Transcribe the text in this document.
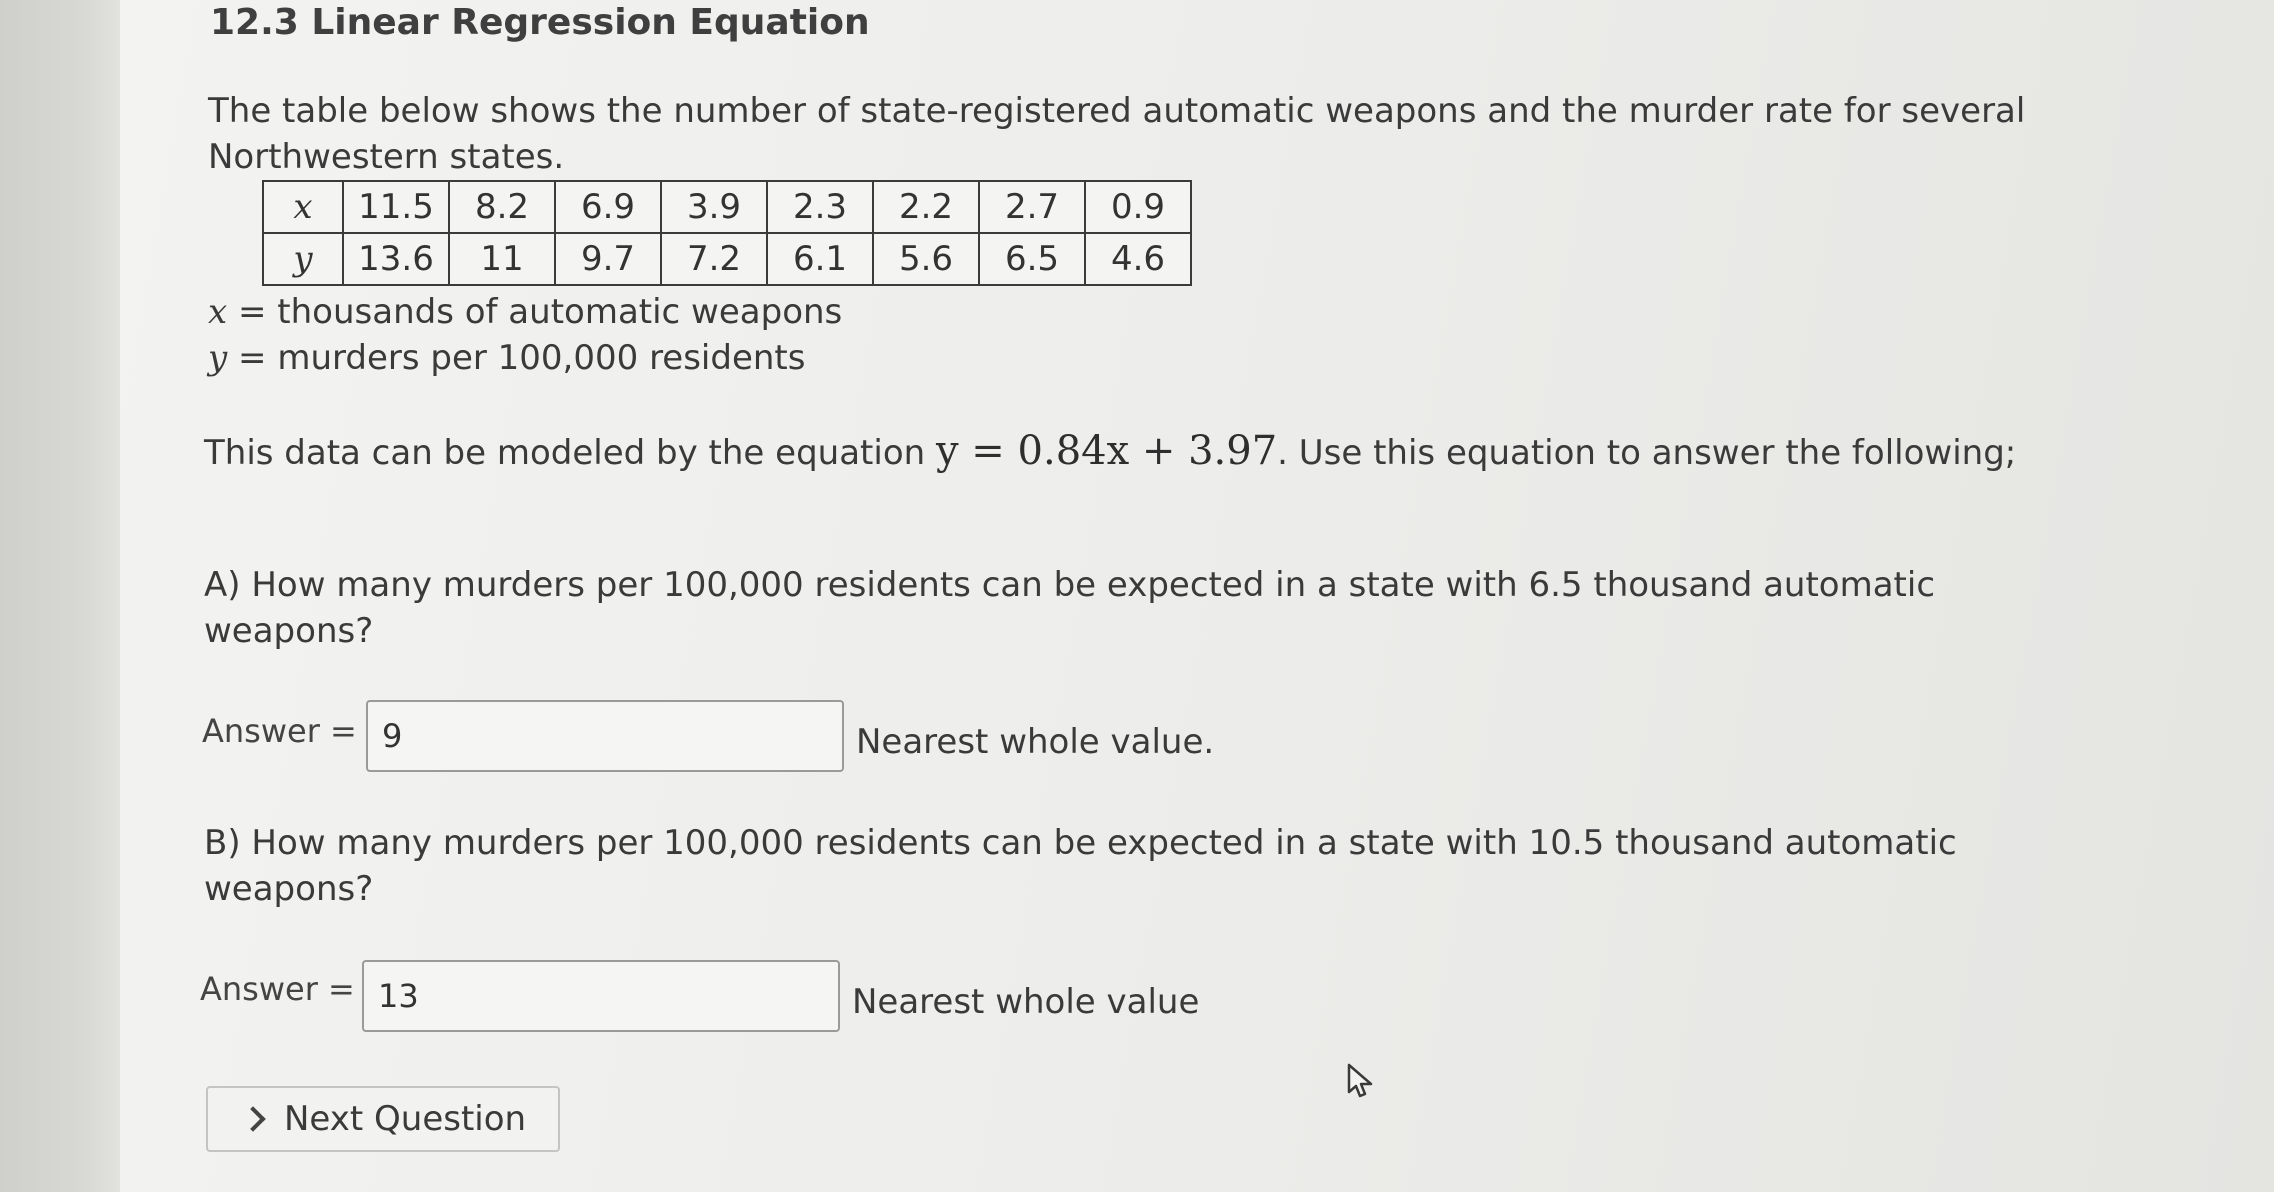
12.3 Linear Regression Equation
The table below shows the number of state-registered automatic weapons and the murder rate for several Northwestern states.
x	11.5	8.2	6.9	3.9	2.3	2.2	2.7	0.9
y	13.6	11	9.7	7.2	6.1	5.6	6.5	4.6
x = thousands of automatic weapons
y = murders per 100,000 residents
This data can be modeled by the equation y = 0.84x + 3.97. Use this equation to answer the following;
A) How many murders per 100,000 residents can be expected in a state with 6.5 thousand automatic weapons?
Answer =
9	Nearest whole value.
B) How many murders per 100,000 residents can be expected in a state with 10.5 thousand automatic weapons?
Answer =
13	Nearest whole value
Next Question
